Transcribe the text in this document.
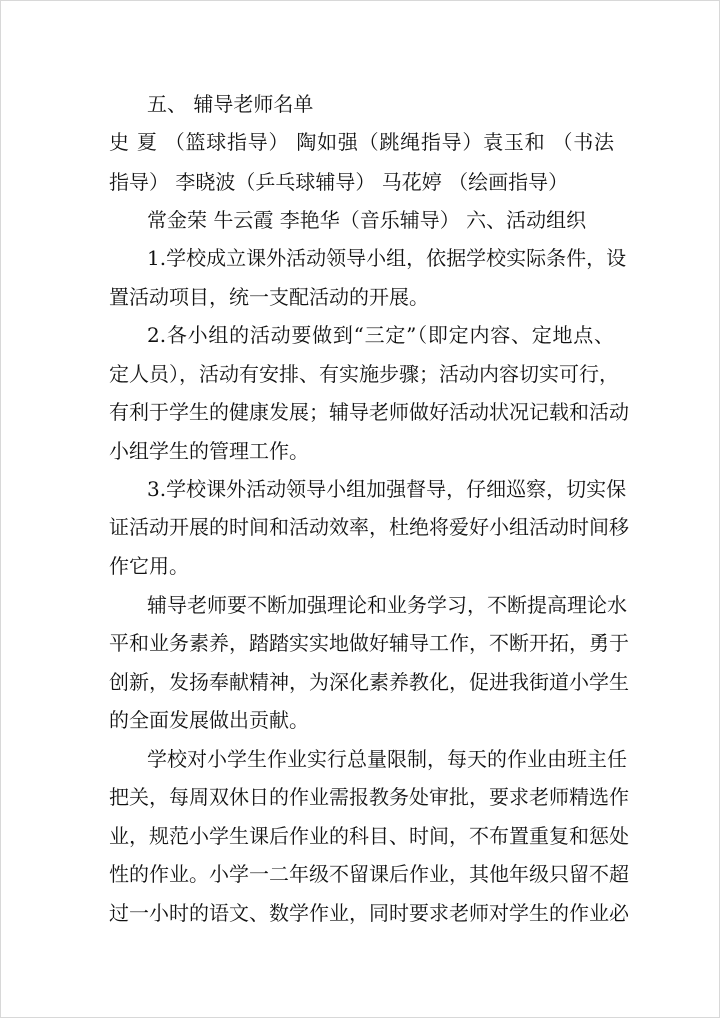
五、 辅导老师名单
史 夏 （篮球指导） 陶如强（跳绳指导）袁玉和 （书法
指导） 李晓波（乒乓球辅导） 马花婷 （绘画指导）
常金荣 牛云霞 李艳华（音乐辅导） 六、活动组织
1.学校成立课外活动领导小组，依据学校实际条件，设
置活动项目，统一支配活动的开展。
2.各小组的活动要做到“三定”（即定内容、定地点、
定人员），活动有安排、有实施步骤；活动内容切实可行，
有利于学生的健康发展；辅导老师做好活动状况记载和活动
小组学生的管理工作。
3.学校课外活动领导小组加强督导，仔细巡察，切实保
证活动开展的时间和活动效率，杜绝将爱好小组活动时间移
作它用。
辅导老师要不断加强理论和业务学习，不断提高理论水
平和业务素养，踏踏实实地做好辅导工作，不断开拓，勇于
创新，发扬奉献精神，为深化素养教化，促进我街道小学生
的全面发展做出贡献。
学校对小学生作业实行总量限制，每天的作业由班主任
把关，每周双休日的作业需报教务处审批，要求老师精选作
业，规范小学生课后作业的科目、时间，不布置重复和惩处
性的作业。小学一二年级不留课后作业，其他年级只留不超
过一小时的语文、数学作业，同时要求老师对学生的作业必
